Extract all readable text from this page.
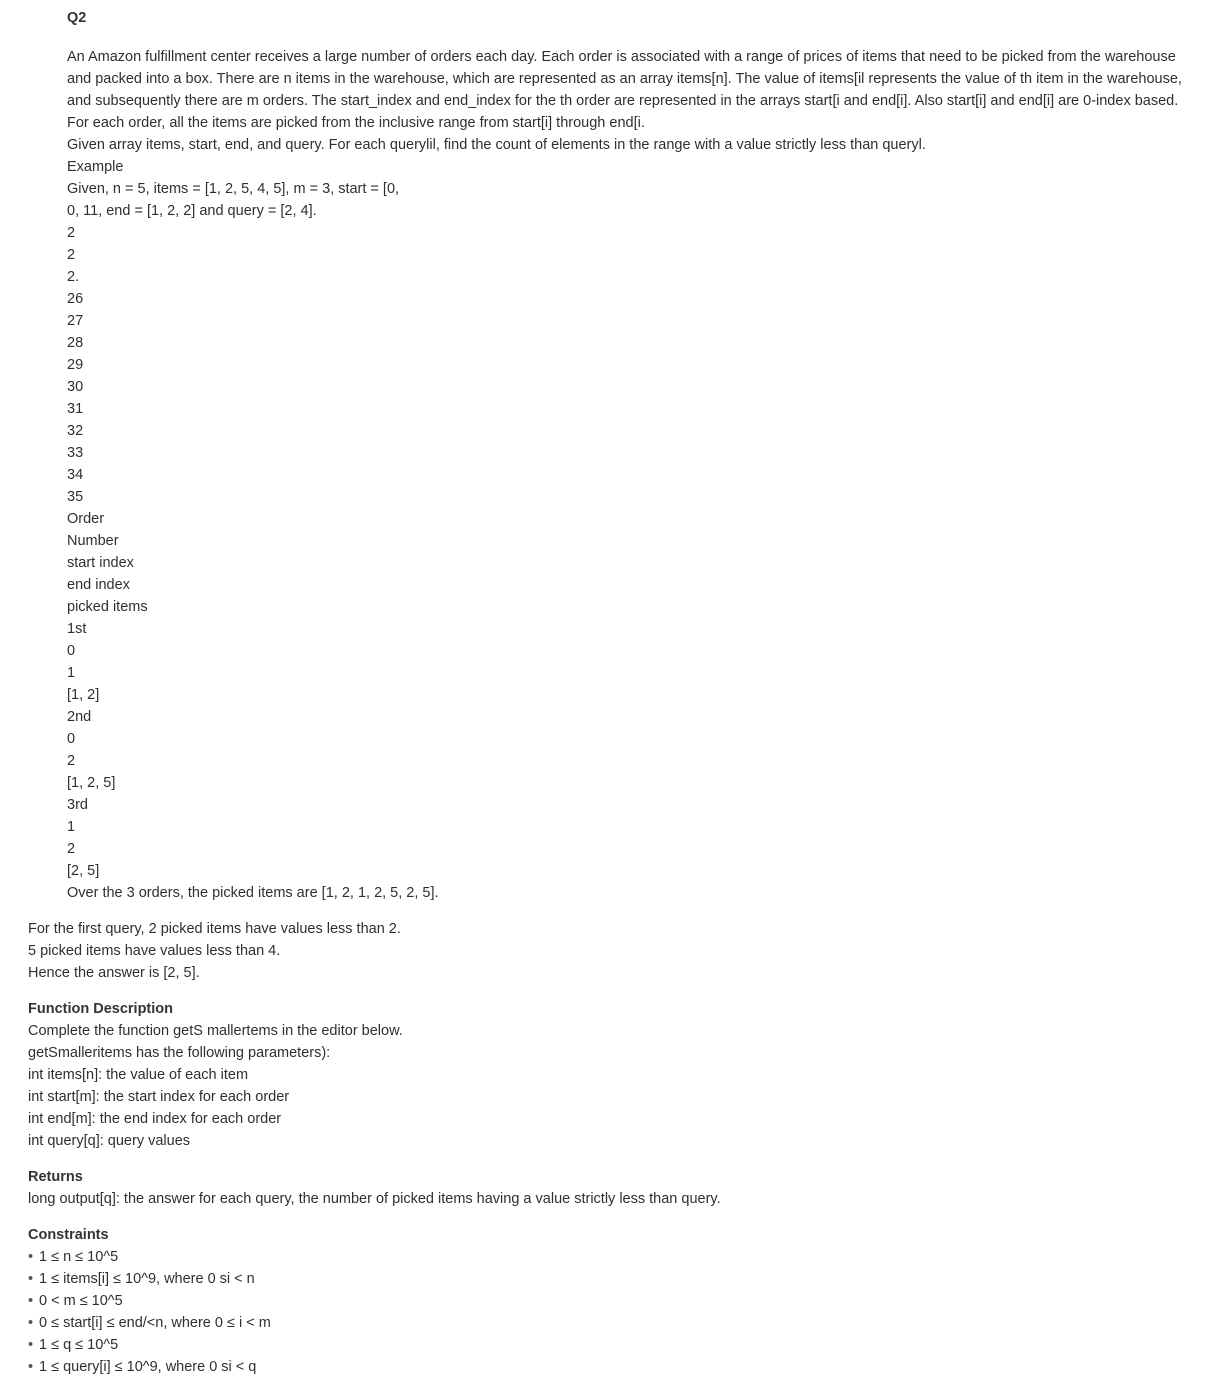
Q2
An Amazon fulfillment center receives a large number of orders each day. Each order is associated with a range of prices of items that need to be picked from the warehouse
and packed into a box. There are n items in the warehouse, which are represented as an array items[n]. The value of items[il represents the value of th item in the warehouse,
and subsequently there are m orders. The start_index and end_index for the th order are represented in the arrays start[i and end[i]. Also start[i] and end[i] are 0-index based.
For each order, all the items are picked from the inclusive range from start[i] through end[i.
Given array items, start, end, and query. For each querylil, find the count of elements in the range with a value strictly less than queryl.
Example
Given, n = 5, items = [1, 2, 5, 4, 5], m = 3, start = [0,
0, 11, end = [1, 2, 2] and query = [2, 4].
2
2
2.
26
27
28
29
30
31
32
33
34
35
Order
Number
start index
end index
picked items
1st
0
1
[1, 2]
2nd
0
2
[1, 2, 5]
3rd
1
2
[2, 5]
Over the 3 orders, the picked items are [1, 2, 1, 2, 5, 2, 5].
For the first query, 2 picked items have values less than 2.
5 picked items have values less than 4.
Hence the answer is [2, 5].
Function Description
Complete the function getS mallertems in the editor below.
getSmalleritems has the following parameters):
int items[n]: the value of each item
int start[m]: the start index for each order
int end[m]: the end index for each order
int query[q]: query values
Returns
long output[q]: the answer for each query, the number of picked items having a value strictly less than query.
Constraints
• 1 ≤ n ≤ 10^5
• 1 ≤ items[i] ≤ 10^9, where 0 si < n
• 0 < m ≤ 10^5
• 0 ≤ start[i] ≤ end/<n, where 0 ≤ i < m
• 1 ≤ q ≤ 10^5
• 1 ≤ query[i] ≤ 10^9, where 0 si < q
